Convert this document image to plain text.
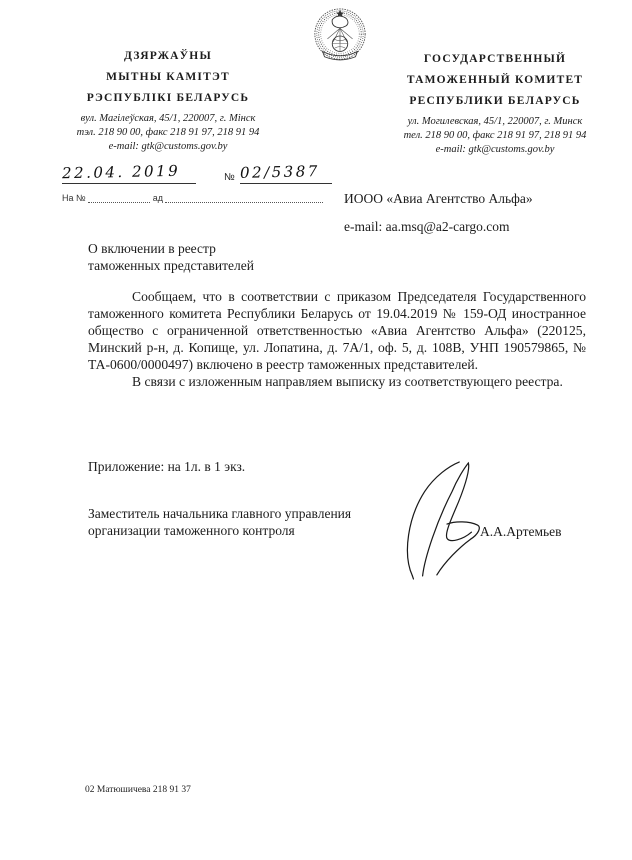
ДЗЯРЖАЎНЫ
МЫТНЫ КАМІТЭТ
РЭСПУБЛІКІ БЕЛАРУСЬ
ГОСУДАРСТВЕННЫЙ
ТАМОЖЕННЫЙ КОМИТЕТ
РЕСПУБЛИКИ БЕЛАРУСЬ
вул. Магілеўская, 45/1, 220007, г. Мінск
тэл. 218 90 00, факс 218 91 97, 218 91 94
e-mail: gtk@customs.gov.by
ул. Могилевская, 45/1, 220007, г. Минск
тел. 218 90 00, факс 218 91 97, 218 91 94
e-mail: gtk@customs.gov.by
22.04. 2019	№ 02/5387
На №	ад	ИООО «Авиа Агентство Альфа»
e-mail: aa.msq@a2-cargo.com
О включении в реестр
таможенных представителей

Сообщаем, что в соответствии с приказом Председателя Государственного таможенного комитета Республики Беларусь от 19.04.2019 № 159-ОД иностранное общество с ограниченной ответственностью «Авиа Агентство Альфа» (220125, Минский р-н, д. Копище, ул. Лопатина, д. 7А/1, оф. 5, д. 108В, УНП 190579865, № ТА-0600/0000497) включено в реестр таможенных представителей.

В связи с изложенным направляем выписку из соответствующего реестра.

Приложение: на 1л. в 1 экз.
Заместитель начальника главного управления
организации таможенного контроля	А.А.Артемьев
02 Матюшичева 218 91 37
